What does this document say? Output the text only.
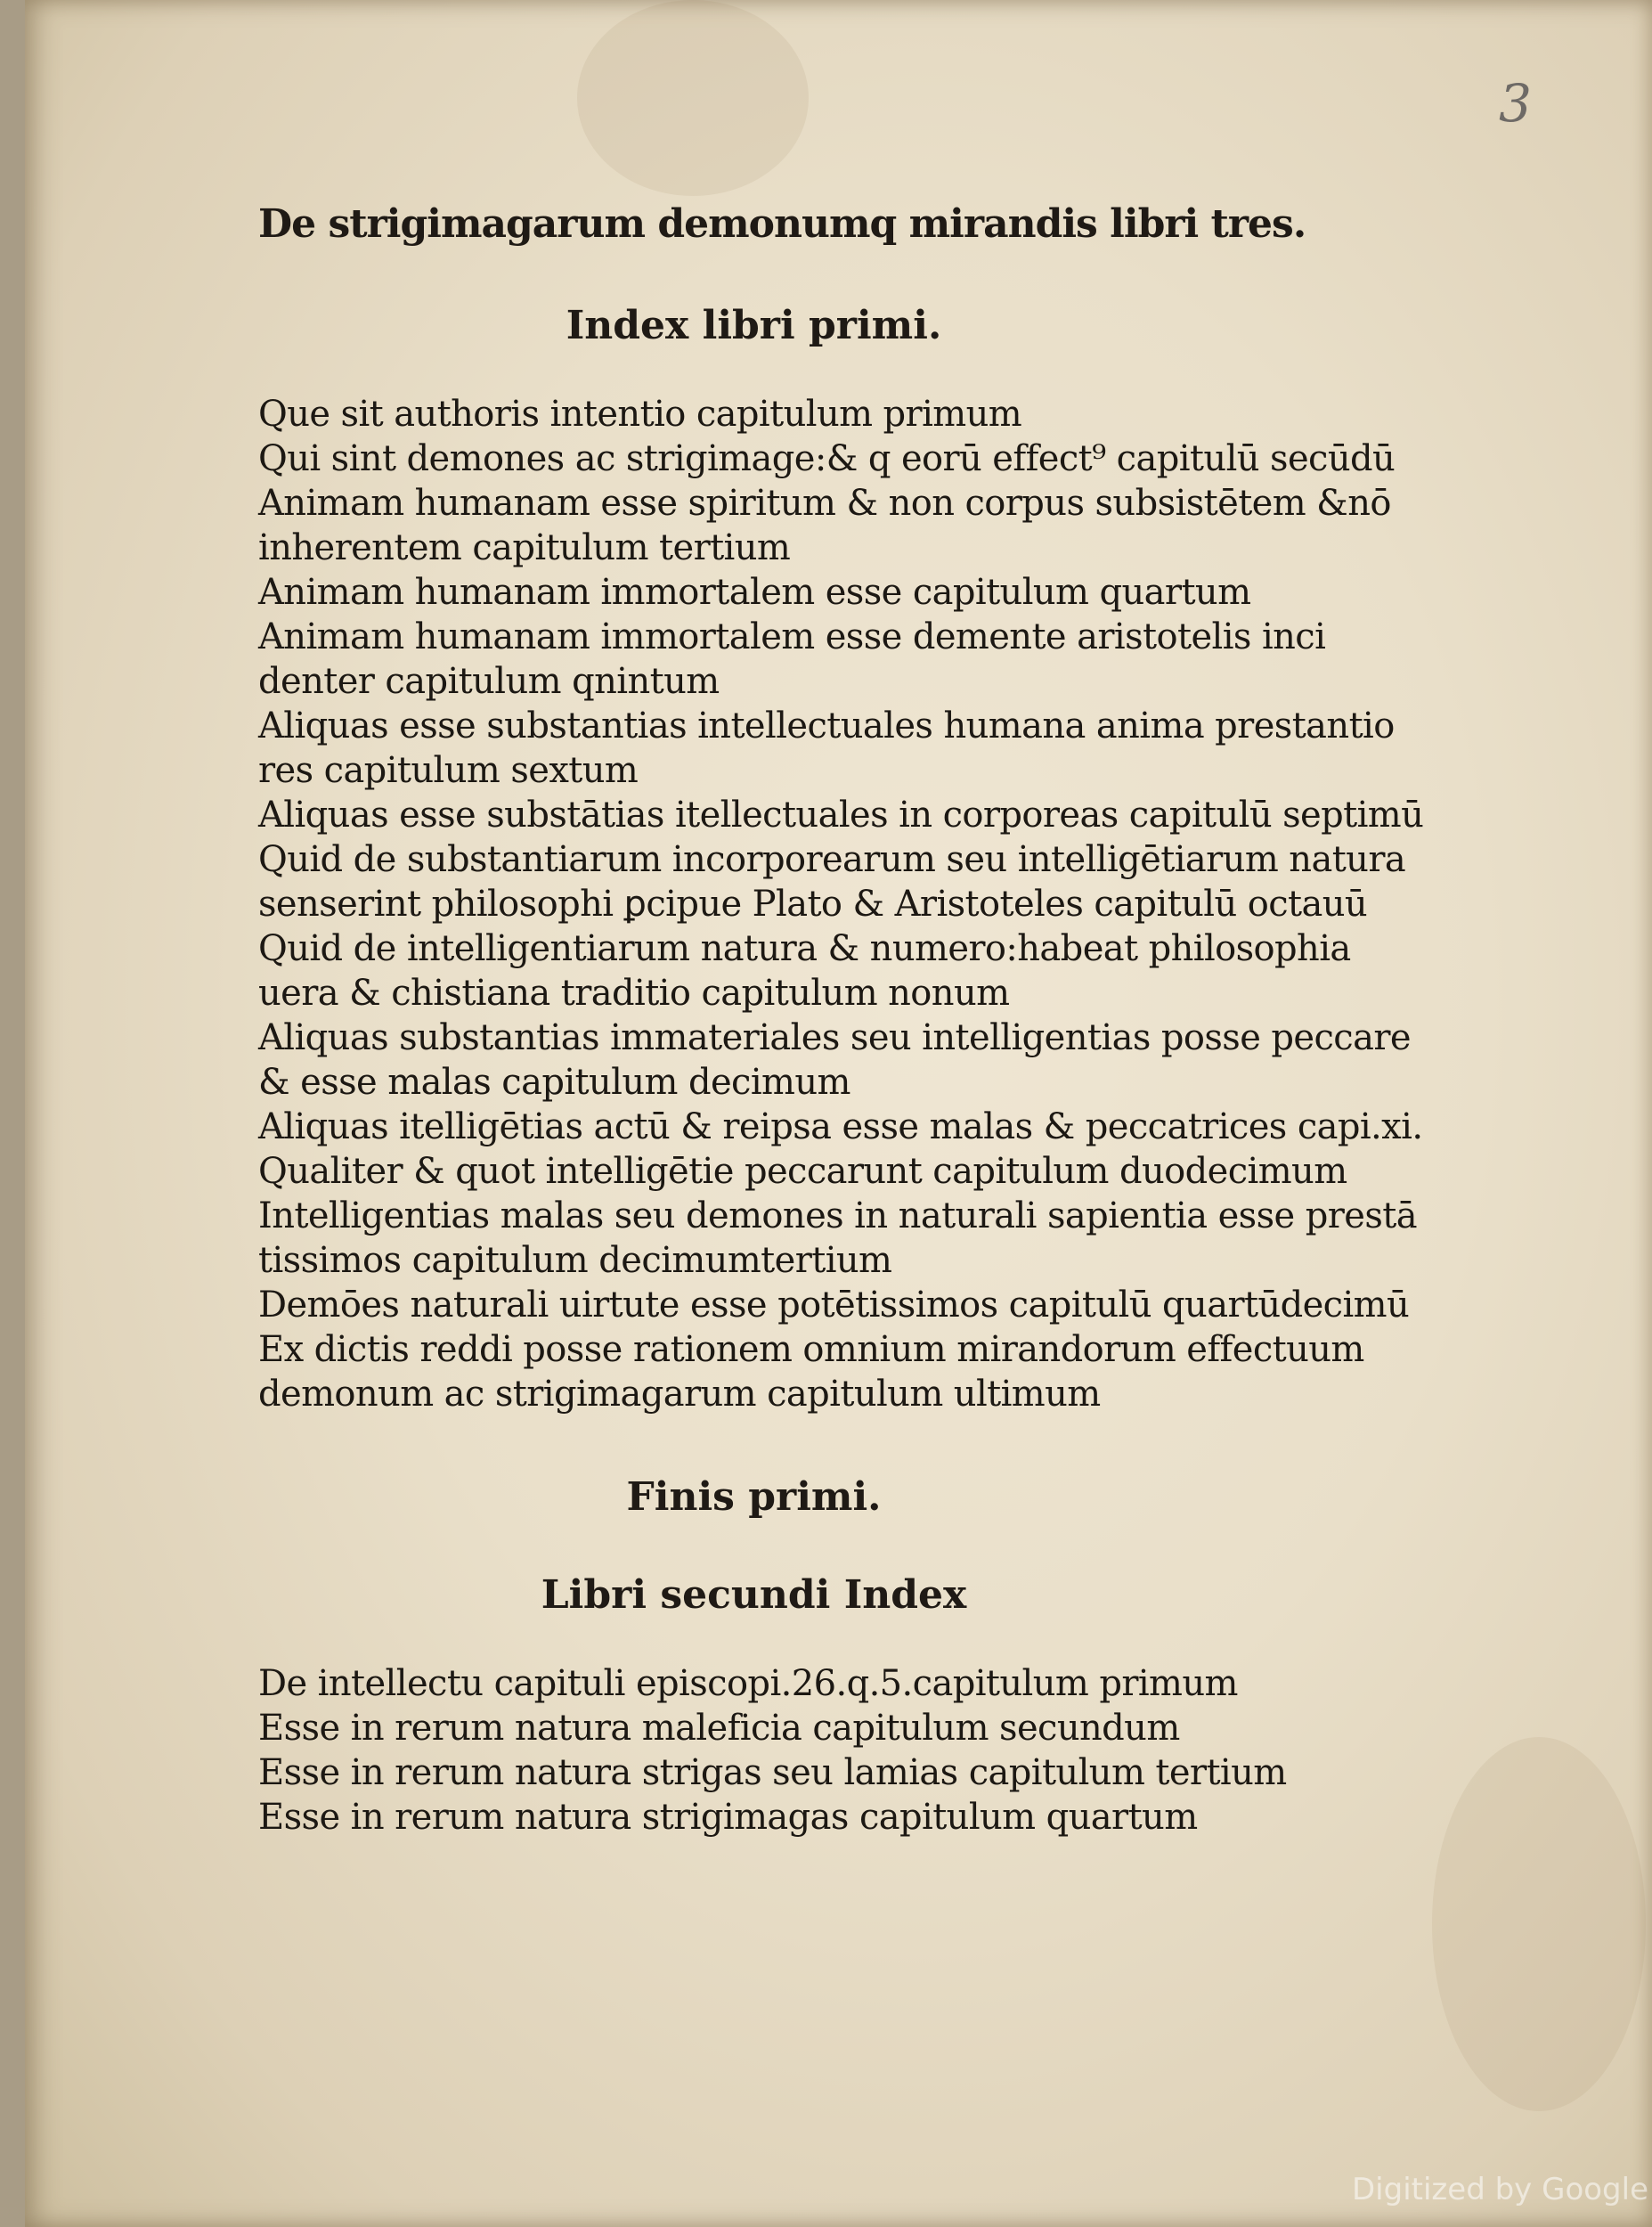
3
De strigimagarum demonumq mirandis libri tres.
Index libri primi.
Que sit authoris intentio capitulum primum
Qui sint demones ac strigimage:& q eorū effect⁹ capitulū secūdū
Animam humanam esse spiritum & non corpus subsistētem &nō
inherentem capitulum tertium
Animam humanam immortalem esse capitulum quartum
Animam humanam immortalem esse demente aristotelis inci
denter capitulum qnintum
Aliquas esse substantias intellectuales humana anima prestantio
res capitulum sextum
Aliquas esse substātias itellectuales in corporeas capitulū septimū
Quid de substantiarum incorporearum seu intelligētiarum natura
senserint philosophi ꝑcipue Plato & Aristoteles capitulū octauū
Quid de intelligentiarum natura & numero:habeat philosophia
uera & chistiana traditio capitulum nonum
Aliquas substantias immateriales seu intelligentias posse peccare
& esse malas capitulum decimum
Aliquas itelligētias actū & reipsa esse malas & peccatrices capi.xi.
Qualiter & quot intelligētie peccarunt capitulum duodecimum
Intelligentias malas seu demones in naturali sapientia esse prestā
tissimos capitulum decimumtertium
Demōes naturali uirtute esse potētissimos capitulū quartūdecimū
Ex dictis reddi posse rationem omnium mirandorum effectuum
demonum ac strigimagarum capitulum ultimum
Finis primi.
Libri secundi Index
De intellectu capituli episcopi.26.q.5.capitulum primum
Esse in rerum natura maleficia capitulum secundum
Esse in rerum natura strigas seu lamias capitulum tertium
Esse in rerum natura strigimagas capitulum quartum
Digitized by Google
